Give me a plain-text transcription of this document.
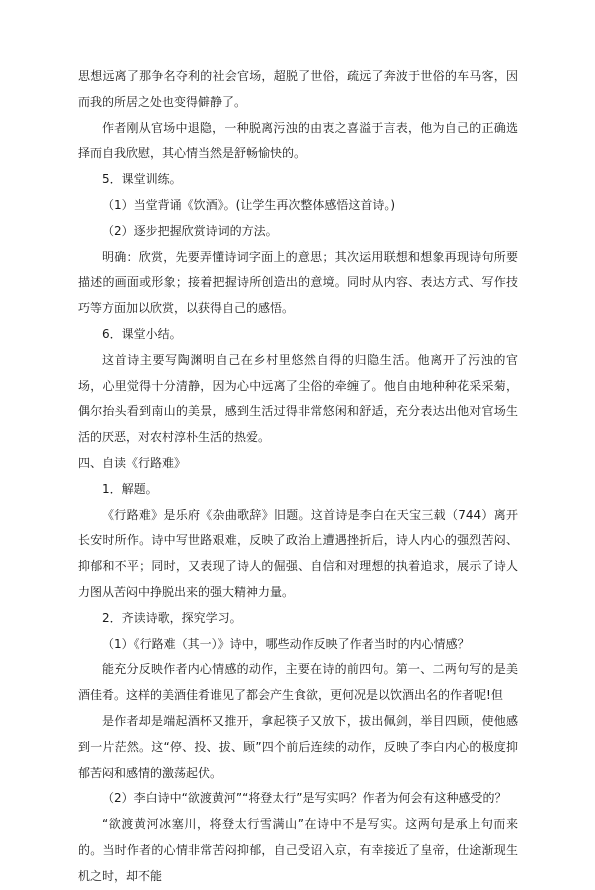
思想远离了那争名夺利的社会官场，超脱了世俗，疏远了奔波于世俗的车马客，因而我的所居之处也变得僻静了。

作者刚从官场中退隐，一种脱离污浊的由衷之喜溢于言表，他为自己的正确选择而自我欣慰，其心情当然是舒畅愉快的。

5．课堂训练。

（1）当堂背诵《饮酒》。(让学生再次整体感悟这首诗。)

（2）逐步把握欣赏诗词的方法。

明确：欣赏，先要弄懂诗词字面上的意思；其次运用联想和想象再现诗句所要描述的画面或形象；接着把握诗所创造出的意境。同时从内容、表达方式、写作技巧等方面加以欣赏，以获得自己的感悟。

6．课堂小结。

这首诗主要写陶渊明自己在乡村里悠然自得的归隐生活。他离开了污浊的官场，心里觉得十分清静，因为心中远离了尘俗的牵缠了。他自由地种种花采采菊，偶尔抬头看到南山的美景，感到生活过得非常悠闲和舒适，充分表达出他对官场生活的厌恶，对农村淳朴生活的热爱。

四、自读《行路难》

1．解题。

《行路难》是乐府《杂曲歌辞》旧题。这首诗是李白在天宝三载（744）离开长安时所作。诗中写世路艰难，反映了政治上遭遇挫折后，诗人内心的强烈苦闷、抑郁和不平；同时，又表现了诗人的倔强、自信和对理想的执着追求，展示了诗人力图从苦闷中挣脱出来的强大精神力量。

2．齐读诗歌，探究学习。

（1）《行路难（其一）》诗中，哪些动作反映了作者当时的内心情感？

能充分反映作者内心情感的动作，主要在诗的前四句。第一、二两句写的是美酒佳肴。这样的美酒佳肴谁见了都会产生食欲，更何况是以饮酒出名的作者呢!但

是作者却是端起酒杯又推开，拿起筷子又放下，拔出佩剑，举目四顾，使他感到一片茫然。这“停、投、拔、顾”四个前后连续的动作，反映了李白内心的极度抑郁苦闷和感情的激荡起伏。

（2）李白诗中“欲渡黄河”“将登太行”是写实吗？作者为何会有这种感受的？

“欲渡黄河冰塞川，将登太行雪满山”在诗中不是写实。这两句是承上句而来的。当时作者的心情非常苦闷抑郁，自己受诏入京，有幸接近了皇帝，仕途渐现生机之时，却不能
